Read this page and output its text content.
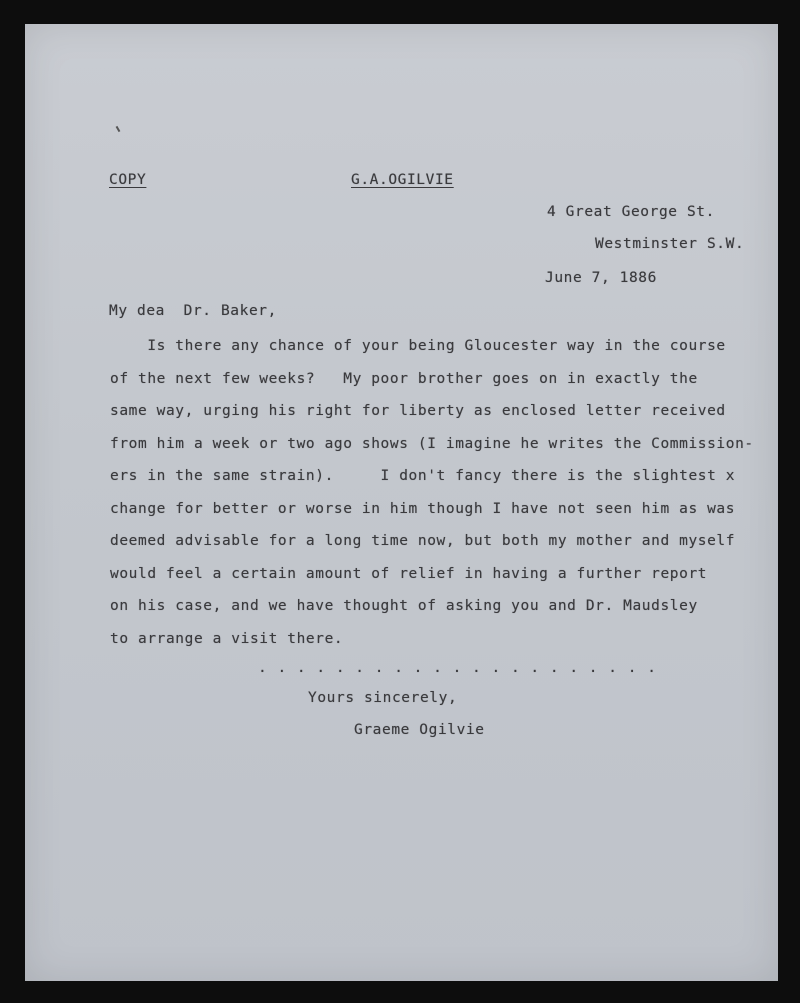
COPY	G.A.OGILVIE
4 Great George St.
Westminster S.W.
June 7, 1886
My dea  Dr. Baker,
Is there any chance of your being Gloucester way in the course
of the next few weeks?   My poor brother goes on in exactly the
same way, urging his right for liberty as enclosed letter received
from him a week or two ago shows (I imagine he writes the Commission-
ers in the same strain).     I don't fancy there is the slightest x
change for better or worse in him though I have not seen him as was
deemed advisable for a long time now, but both my mother and myself
would feel a certain amount of relief in having a further report
on his case, and we have thought of asking you and Dr. Maudsley
to arrange a visit there.
. . . . . . . . . . . . . . . . . . . . .
Yours sincerely,
Graeme Ogilvie
